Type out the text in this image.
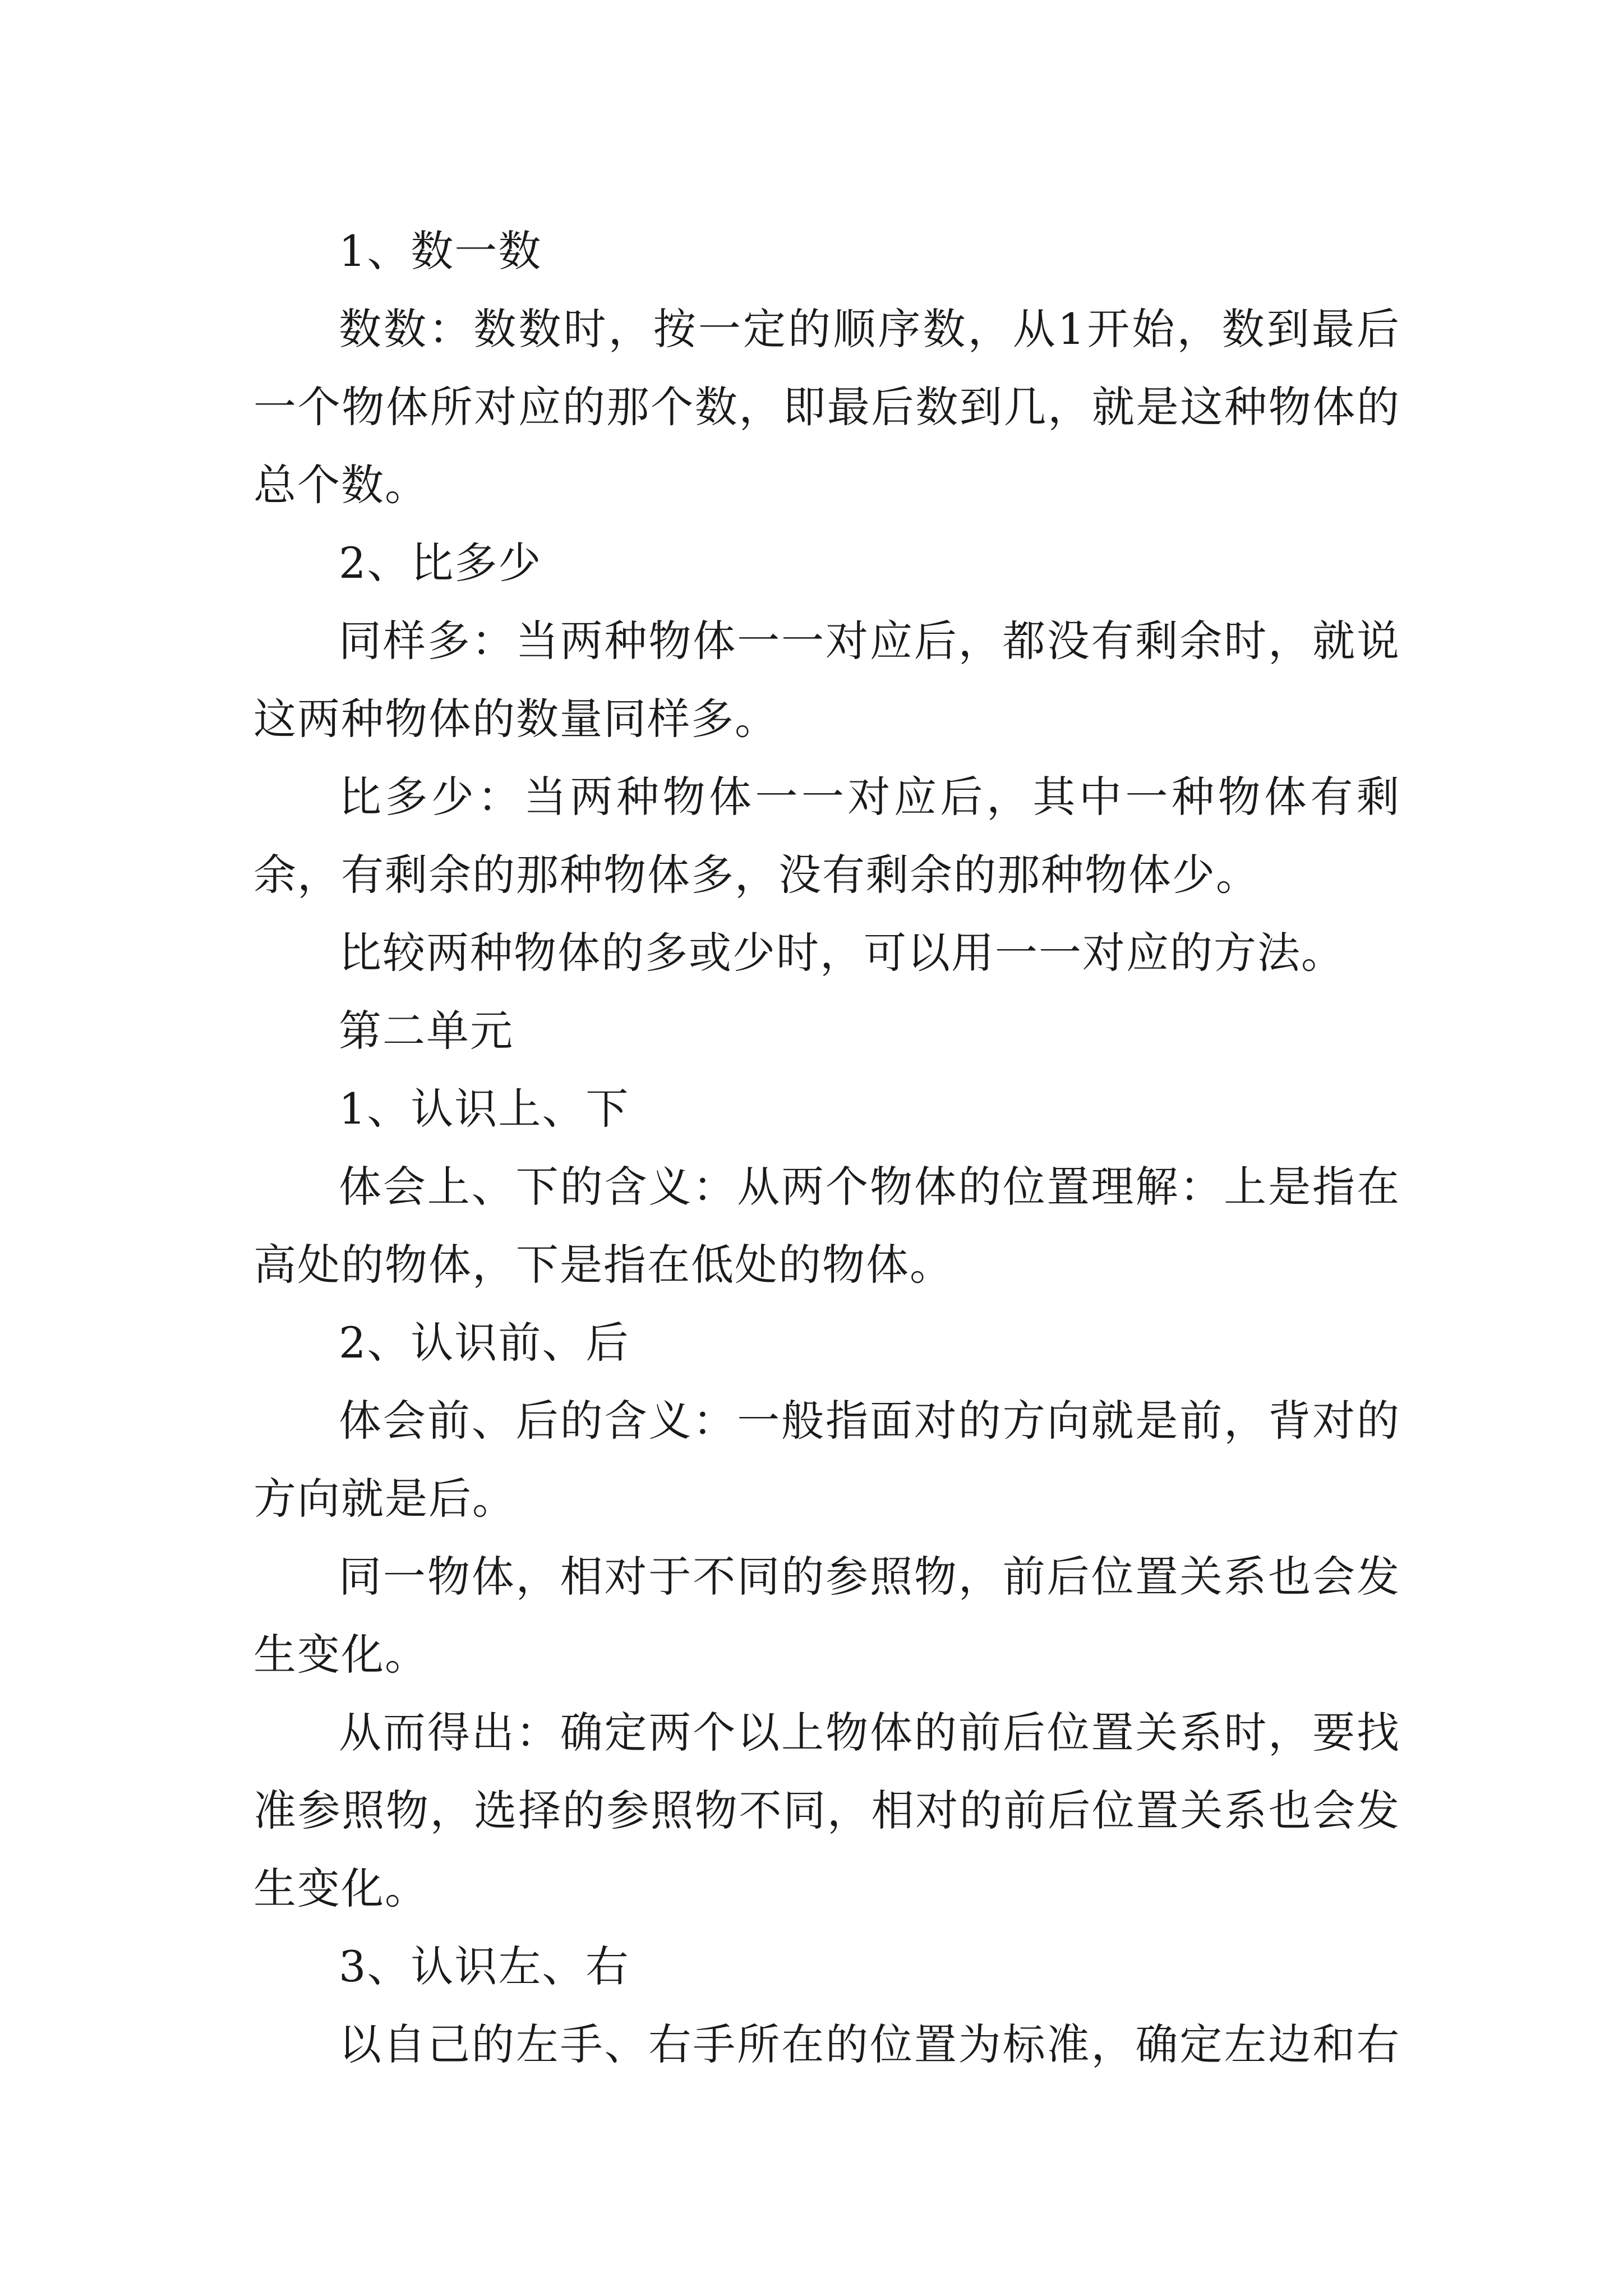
1、数一数

数数：数数时，按一定的顺序数，从1开始，数到最后一个物体所对应的那个数，即最后数到几，就是这种物体的总个数。

2、比多少

同样多：当两种物体一一对应后，都没有剩余时，就说这两种物体的数量同样多。

比多少：当两种物体一一对应后，其中一种物体有剩余，有剩余的那种物体多，没有剩余的那种物体少。

比较两种物体的多或少时，可以用一一对应的方法。

第二单元

1、认识上、下

体会上、下的含义：从两个物体的位置理解：上是指在高处的物体，下是指在低处的物体。

2、认识前、后

体会前、后的含义：一般指面对的方向就是前，背对的方向就是后。

同一物体，相对于不同的参照物，前后位置关系也会发生变化。

从而得出：确定两个以上物体的前后位置关系时，要找准参照物，选择的参照物不同，相对的前后位置关系也会发生变化。

3、认识左、右

以自己的左手、右手所在的位置为标准，确定左边和右
